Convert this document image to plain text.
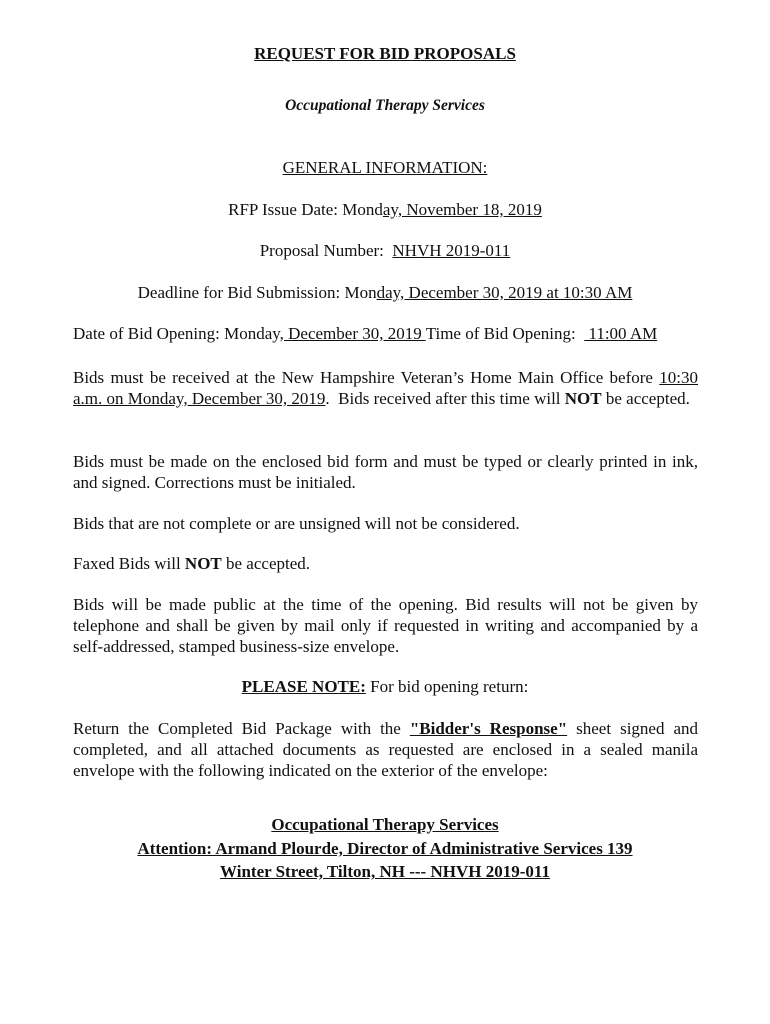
REQUEST FOR BID PROPOSALS
Occupational Therapy Services
GENERAL INFORMATION:
RFP Issue Date: Monday, November 18, 2019
Proposal Number:  NHVH 2019-011
Deadline for Bid Submission: Monday, December 30, 2019 at 10:30 AM
Date of Bid Opening: Monday, December 30, 2019 Time of Bid Opening:   11:00 AM
Bids must be received at the New Hampshire Veteran’s Home Main Office before 10:30 a.m. on Monday, December 30, 2019.  Bids received after this time will NOT be accepted.
Bids must be made on the enclosed bid form and must be typed or clearly printed in ink, and signed. Corrections must be initialed.
Bids that are not complete or are unsigned will not be considered.
Faxed Bids will NOT be accepted.
Bids will be made public at the time of the opening. Bid results will not be given by telephone and shall be given by mail only if requested in writing and accompanied by a self-addressed, stamped business-size envelope.
PLEASE NOTE: For bid opening return:
Return the Completed Bid Package with the "Bidder's Response" sheet signed and completed, and all attached documents as requested are enclosed in a sealed manila envelope with the following indicated on the exterior of the envelope:
Occupational Therapy Services
Attention: Armand Plourde, Director of Administrative Services 139
Winter Street, Tilton, NH --- NHVH 2019-011
